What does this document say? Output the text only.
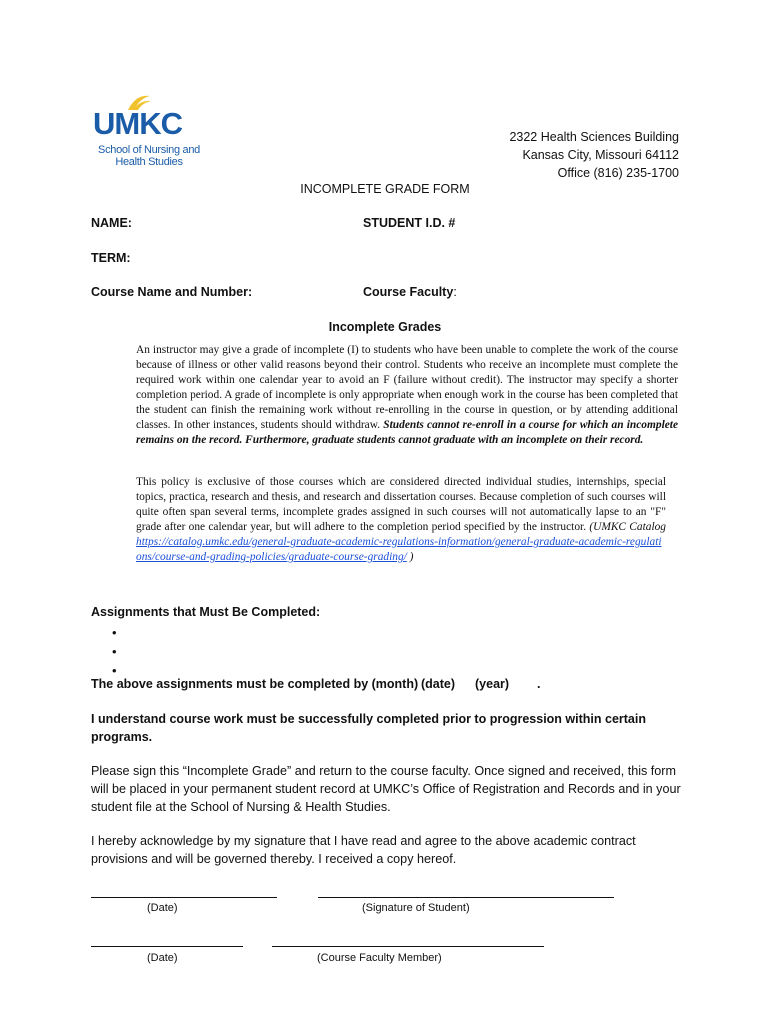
UMKC
School of Nursing and
Health Studies
2322 Health Sciences Building
Kansas City, Missouri 64112
Office (816) 235-1700
INCOMPLETE GRADE FORM
NAME:	STUDENT I.D. #
TERM:
Course Name and Number:	Course Faculty:
Incomplete Grades
An instructor may give a grade of incomplete (I) to students who have been unable to complete the work of the course because of illness or other valid reasons beyond their control. Students who receive an incomplete must complete the required work within one calendar year to avoid an F (failure without credit). The instructor may specify a shorter completion period. A grade of incomplete is only appropriate when enough work in the course has been completed that the student can finish the remaining work without re-enrolling in the course in question, or by attending additional classes. In other instances, students should withdraw. Students cannot re-enroll in a course for which an incomplete remains on the record. Furthermore, graduate students cannot graduate with an incomplete on their record.
This policy is exclusive of those courses which are considered directed individual studies, internships, special topics, practica, research and thesis, and research and dissertation courses. Because completion of such courses will quite often span several terms, incomplete grades assigned in such courses will not automatically lapse to an "F" grade after one calendar year, but will adhere to the completion period specified by the instructor. (UMKC Catalog https://catalog.umkc.edu/general-graduate-academic-regulations-information/general-graduate-academic-regulations/course-and-grading-policies/graduate-course-grading/ )
Assignments that Must Be Completed:
•
•
•
The above assignments must be completed by (month) (date) (year) .
I understand course work must be successfully completed prior to progression within certain programs.
Please sign this “Incomplete Grade” and return to the course faculty. Once signed and received, this form will be placed in your permanent student record at UMKC’s Office of Registration and Records and in your student file at the School of Nursing & Health Studies.
I hereby acknowledge by my signature that I have read and agree to the above academic contract provisions and will be governed thereby. I received a copy hereof.
(Date)	(Signature of Student)
(Date)	(Course Faculty Member)
